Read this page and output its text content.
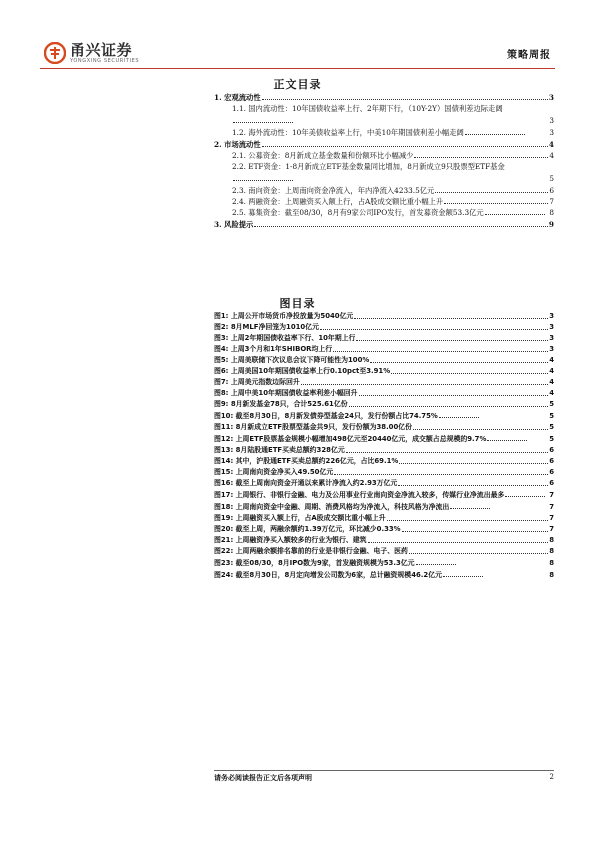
甬兴证券
YONGXING SECURITIES	策略周报
正文目录
1. 宏观流动性	3
1.1. 国内流动性：10年国债收益率上行、2年期下行，（10Y-2Y）国债利差边际走阔
3
1.2. 海外流动性：10年美债收益率上行，中美10年期国债利差小幅走阔	3
2. 市场流动性	4
2.1. 公募资金：8月新成立基金数量和份额环比小幅减少	4
2.2. ETF资金：1-8月新成立ETF基金数量同比增加，8月新成立9只股票型ETF基金
5
2.3. 南向资金：上周南向资金净流入，年内净流入4233.5亿元	6
2.4. 两融资金：上周融资买入额上行，占A股成交额比重小幅上升	7
2.5. 募集资金：截至08/30，8月有9家公司IPO发行，首发募资金额53.3亿元	8
3. 风险提示	9
图目录
图1: 上周公开市场货币净投放量为5040亿元	3
图2: 8月MLF净回笼为1010亿元	3
图3: 上周2年期国债收益率下行、10年期上行	3
图4: 上周3个月和1年SHIBOR均上行	3
图5: 上周美联储下次议息会议下降可能性为100%	4
图6: 上周美国10年期国债收益率上行0.10pct至3.91%	4
图7: 上周美元指数边际回升	4
图8: 上周中美10年期国债收益率利差小幅回升	4
图9: 8月新发基金78只，合计525.61亿份	5
图10: 截至8月30日，8月新发债券型基金24只，发行份额占比74.75%	5
图11: 8月新成立ETF股票型基金共9只，发行份额为38.00亿份	5
图12: 上周ETF股票基金规模小幅增加498亿元至20440亿元，成交额占总规模的9.7%	5
图13: 8月陆股通ETF买卖总额约328亿元	6
图14: 其中，沪股通ETF买卖总额约226亿元，占比69.1%	6
图15: 上周南向资金净买入49.50亿元	6
图16: 截至上周南向资金开通以来累计净流入约2.93万亿元	6
图17: 上周银行、非银行金融、电力及公用事业行业南向资金净流入较多，传媒行业净流出最多	7
图18: 上周南向资金中金融、周期、消费风格均为净流入，科技风格为净流出	7
图19: 上周融资买入额上行，占A股成交额比重小幅上升	7
图20: 截至上周，两融余额约1.39万亿元，环比减少0.33%	7
图21: 上周融资净买入额较多的行业为银行、建筑	8
图22: 上周两融余额排名靠前的行业是非银行金融、电子、医药	8
图23: 截至08/30，8月IPO数为9家，首发融资规模为53.3亿元	8
图24: 截至8月30日，8月定向增发公司数为6家，总计融资规模46.2亿元	8
请务必阅读报告正文后各项声明	2
